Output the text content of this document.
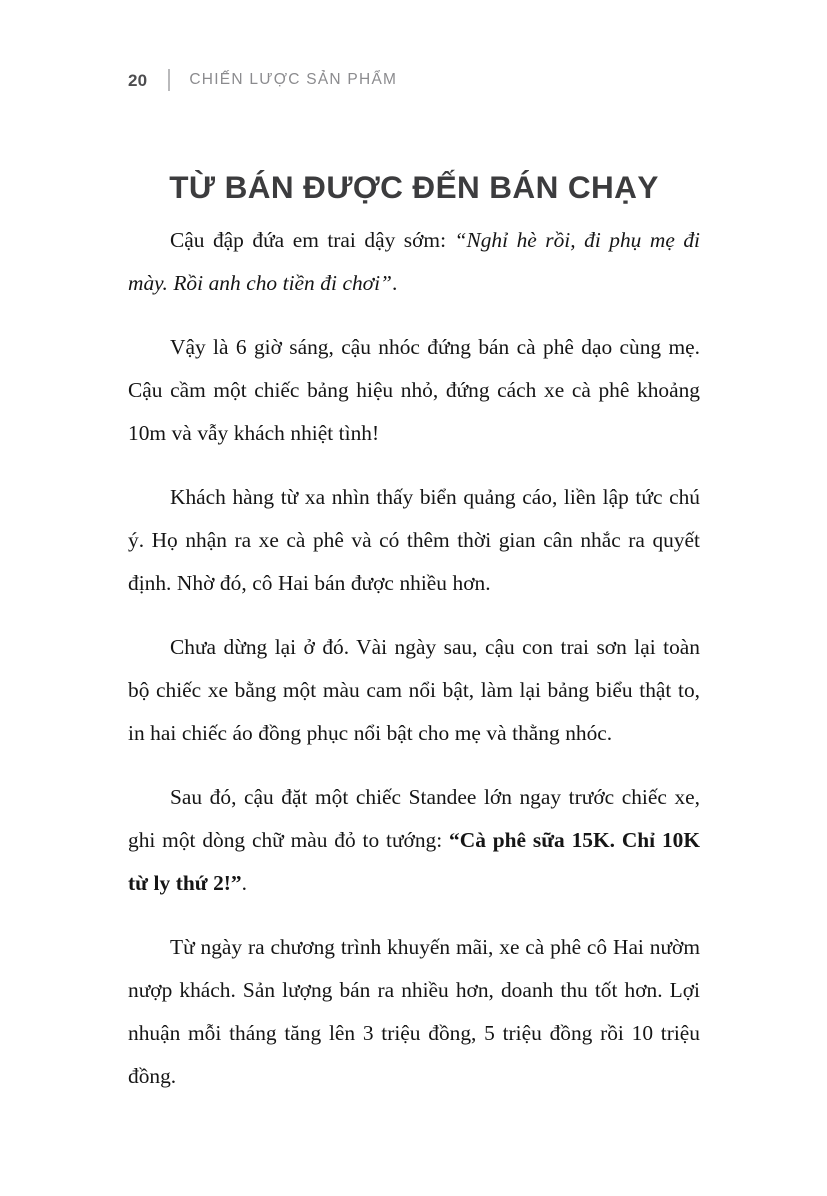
20	CHIẾN LƯỢC SẢN PHẨM
TỪ BÁN ĐƯỢC ĐẾN BÁN CHẠY

Cậu đập đứa em trai dậy sớm: “Nghỉ hè rồi, đi phụ mẹ đi mày. Rồi anh cho tiền đi chơi”.

Vậy là 6 giờ sáng, cậu nhóc đứng bán cà phê dạo cùng mẹ. Cậu cầm một chiếc bảng hiệu nhỏ, đứng cách xe cà phê khoảng 10m và vẫy khách nhiệt tình!

Khách hàng từ xa nhìn thấy biển quảng cáo, liền lập tức chú ý. Họ nhận ra xe cà phê và có thêm thời gian cân nhắc ra quyết định. Nhờ đó, cô Hai bán được nhiều hơn.

Chưa dừng lại ở đó. Vài ngày sau, cậu con trai sơn lại toàn bộ chiếc xe bằng một màu cam nổi bật, làm lại bảng biểu thật to, in hai chiếc áo đồng phục nổi bật cho mẹ và thằng nhóc.

Sau đó, cậu đặt một chiếc Standee lớn ngay trước chiếc xe, ghi một dòng chữ màu đỏ to tướng: “Cà phê sữa 15K. Chỉ 10K từ ly thứ 2!”.

Từ ngày ra chương trình khuyến mãi, xe cà phê cô Hai nườm nượp khách. Sản lượng bán ra nhiều hơn, doanh thu tốt hơn. Lợi nhuận mỗi tháng tăng lên 3 triệu đồng, 5 triệu đồng rồi 10 triệu đồng.
